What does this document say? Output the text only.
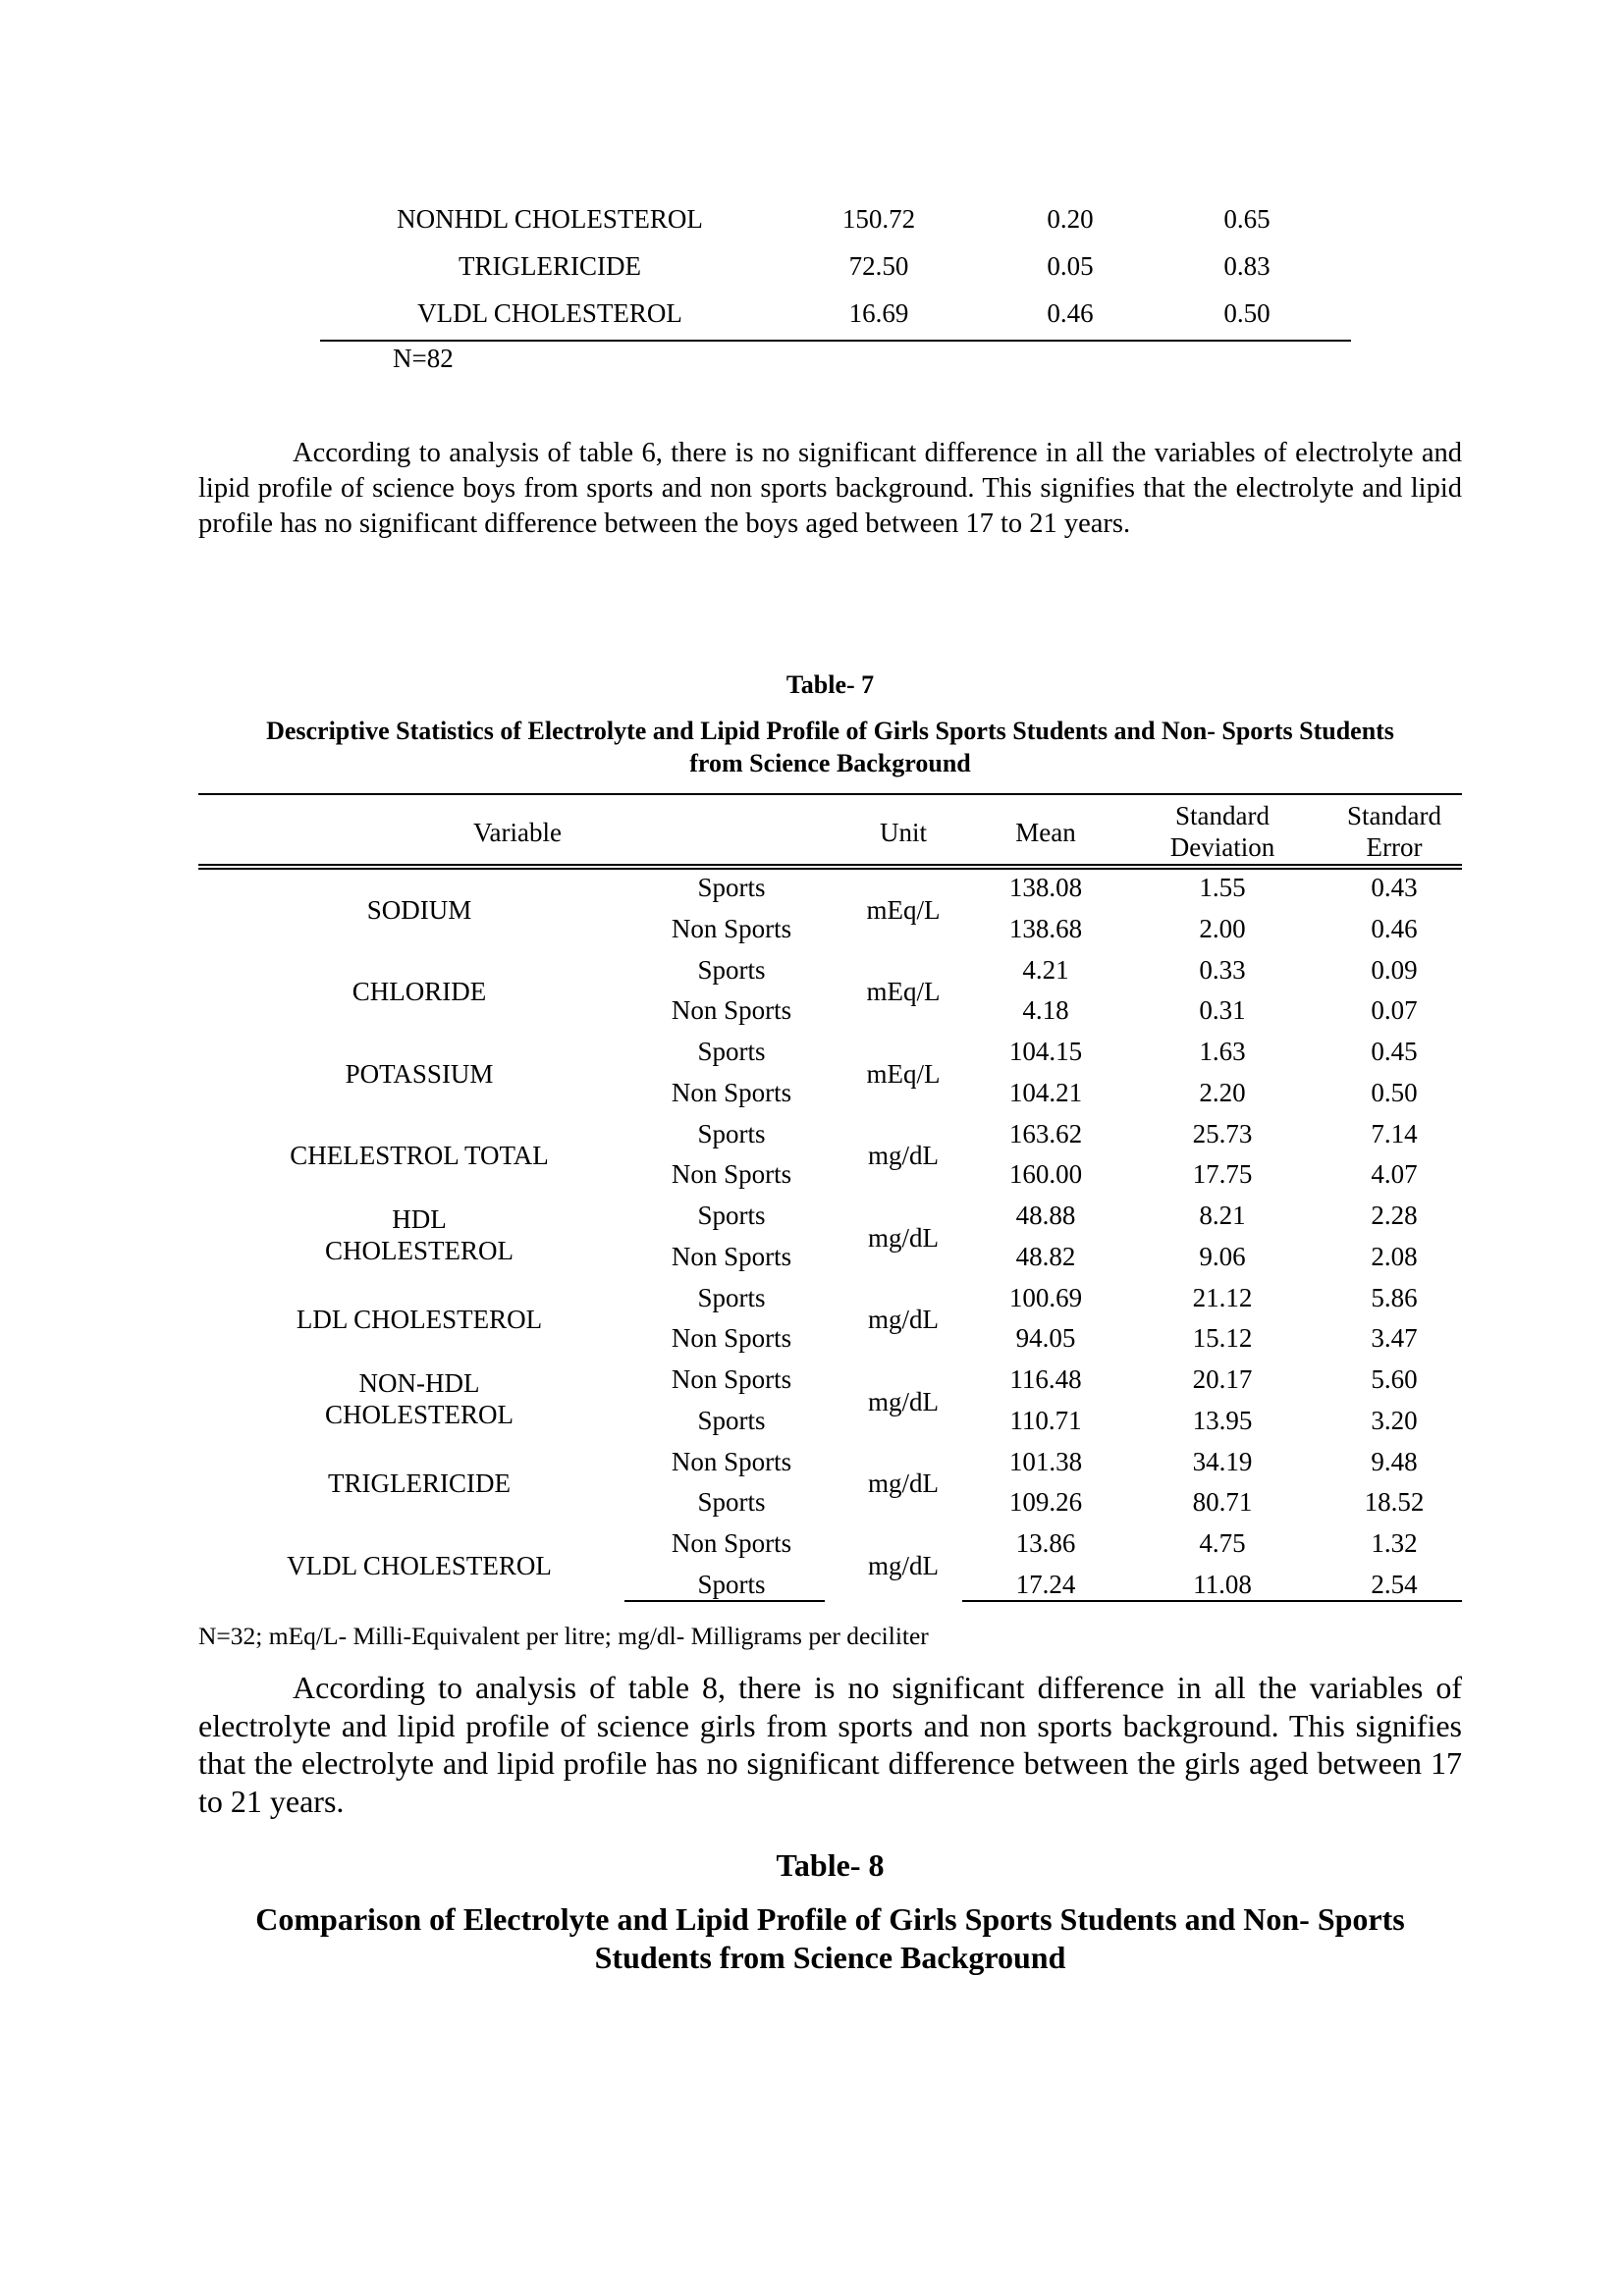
NONHDL CHOLESTEROL	150.72	0.20	0.65
TRIGLERICIDE	72.50	0.05	0.83
VLDL CHOLESTEROL	16.69	0.46	0.50
N=82
According to analysis of table 6, there is no significant difference in all the variables of electrolyte and lipid profile of science boys from sports and non sports background. This signifies that the electrolyte and lipid profile has no significant difference between the boys aged between 17 to 21 years.
Table- 7
Descriptive Statistics of Electrolyte and Lipid Profile of Girls Sports Students and Non- Sports Students
from Science Background
Variable	Unit	Mean
Standard
Deviation
Standard
Error
SODIUM	mEq/L
Sports	138.08	1.55	0.43
Non Sports	138.68	2.00	0.46
CHLORIDE	mEq/L
Sports	4.21	0.33	0.09
Non Sports	4.18	0.31	0.07
POTASSIUM	mEq/L
Sports	104.15	1.63	0.45
Non Sports	104.21	2.20	0.50
CHELESTROL TOTAL	mg/dL
Sports	163.62	25.73	7.14
Non Sports	160.00	17.75	4.07
HDL
CHOLESTEROL	mg/dL
Sports	48.88	8.21	2.28
Non Sports	48.82	9.06	2.08
LDL CHOLESTEROL	mg/dL
Sports	100.69	21.12	5.86
Non Sports	94.05	15.12	3.47
NON-HDL
CHOLESTEROL	mg/dL
Non Sports	116.48	20.17	5.60
Sports	110.71	13.95	3.20
TRIGLERICIDE	mg/dL
Non Sports	101.38	34.19	9.48
Sports	109.26	80.71	18.52
VLDL CHOLESTEROL	mg/dL
Non Sports	13.86	4.75	1.32
Sports	17.24	11.08	2.54
N=32; mEq/L- Milli-Equivalent per litre; mg/dl- Milligrams per deciliter
According to analysis of table 8, there is no significant difference in all the variables of electrolyte and lipid profile of science girls from sports and non sports background. This signifies that the electrolyte and lipid profile has no significant difference between the girls aged between 17 to 21 years.
Table- 8
Comparison of Electrolyte and Lipid Profile of Girls Sports Students and Non- Sports
Students from Science Background
